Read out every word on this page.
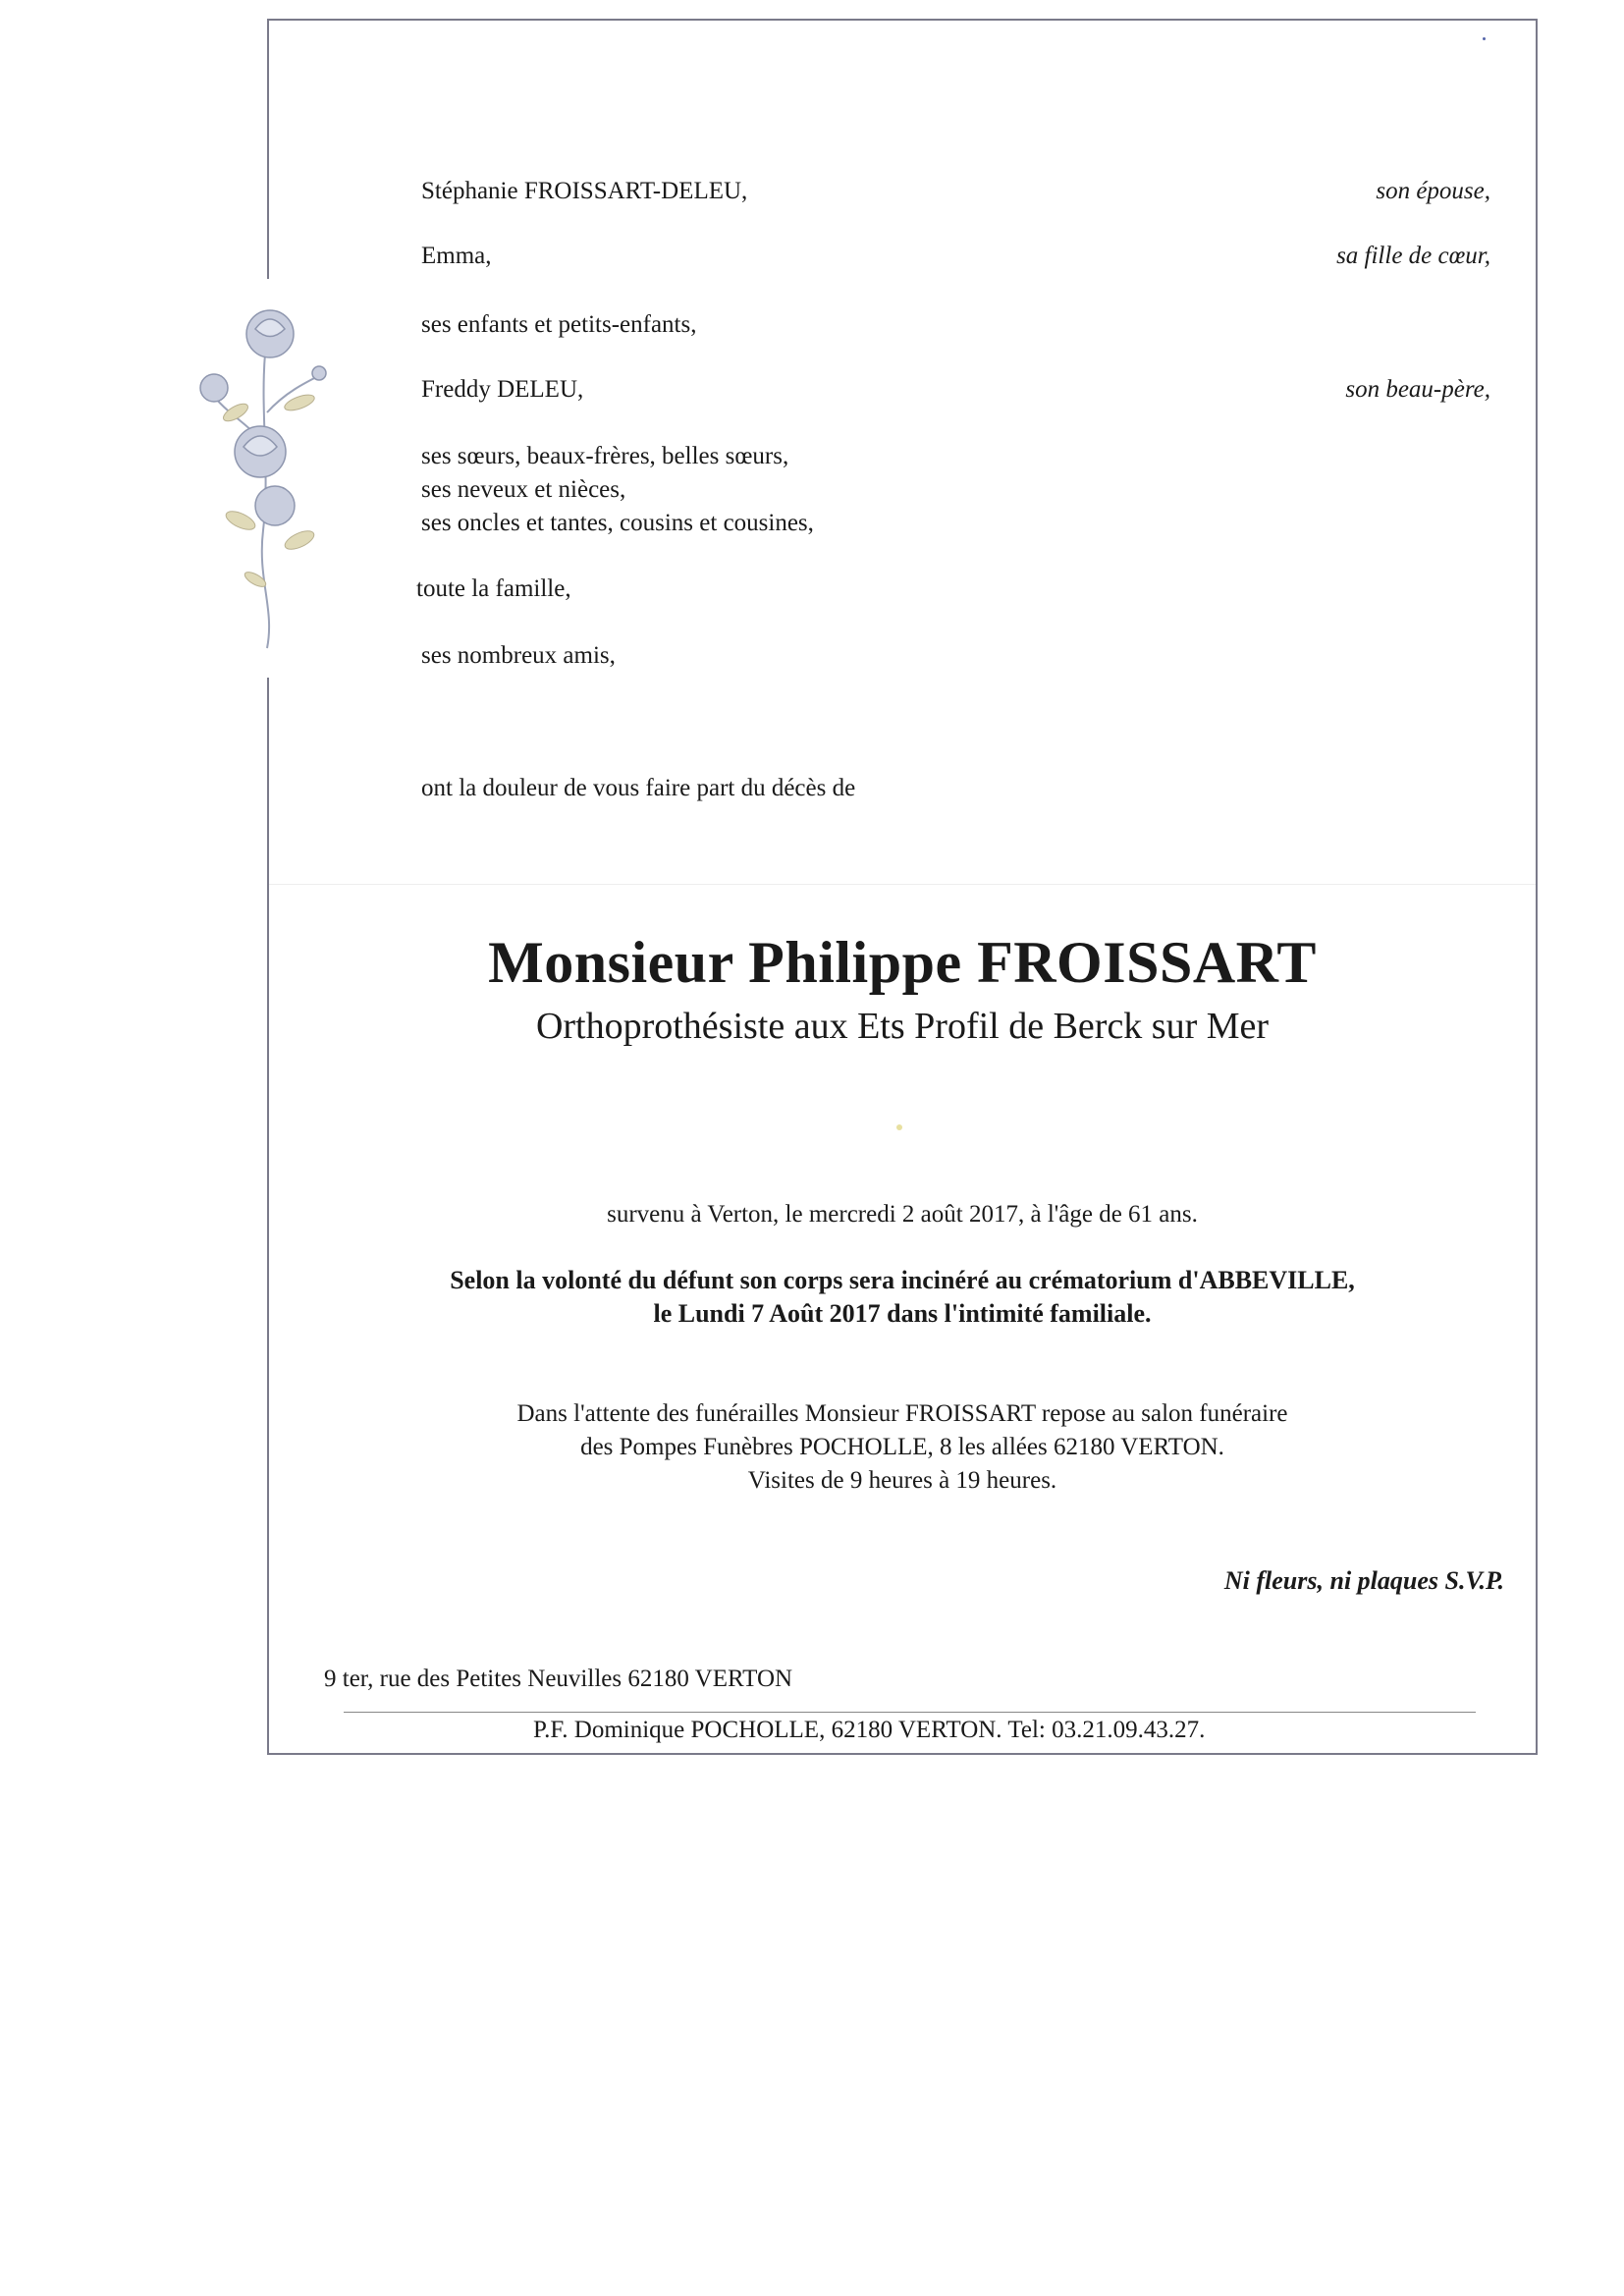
Stéphanie FROISSART-DELEU,	son épouse,
Emma,	sa fille de cœur,
ses enfants et petits-enfants,
Freddy DELEU,	son beau-père,
ses sœurs, beaux-frères, belles sœurs,
ses neveux et nièces,
ses oncles et tantes, cousins et cousines,
toute la famille,
ses nombreux amis,
ont la douleur de vous faire part du décès de
Monsieur Philippe FROISSART
Orthoprothésiste aux Ets Profil de Berck sur Mer
survenu à Verton, le mercredi 2 août 2017, à l'âge de 61 ans.
Selon la volonté du défunt son corps sera incinéré au crématorium d'ABBEVILLE,
le Lundi 7 Août 2017 dans l'intimité familiale.
Dans l'attente des funérailles Monsieur FROISSART repose au salon funéraire
des Pompes Funèbres POCHOLLE, 8 les allées 62180 VERTON.
Visites de 9 heures à 19 heures.
Ni fleurs, ni plaques S.V.P.
9 ter, rue des Petites Neuvilles 62180 VERTON
P.F. Dominique POCHOLLE, 62180 VERTON. Tel: 03.21.09.43.27.
